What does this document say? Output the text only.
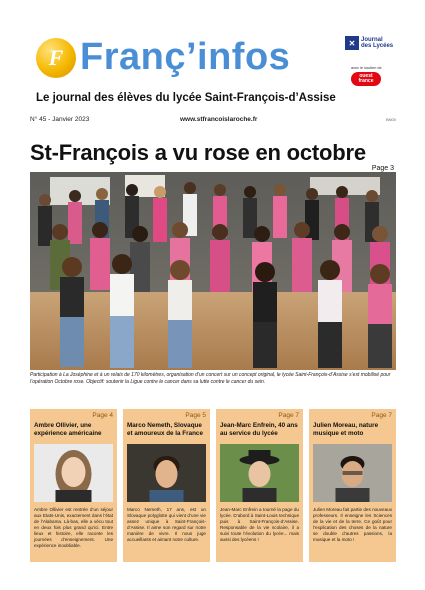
F Franç’infos
Le journal des élèves du lycée Saint-François-d’Assise
✕ Journal
des Lycées
avec le soutien de
ouest
france
N° 45 - Janvier 2023	www.stfrancoislaroche.fr	BN00
St-François a vu rose en octobre
Page 3

Participation à La Joséphine et à un relais de 170 kilomètres, organisation d’un concert sur un concept original, le lycée Saint-François-d’Assise s’est mobilisé pour l’opération Octobre rose. Objectif: soutenir la Ligue contre le cancer dans sa lutte contre le cancer du sein.

Page 4
Ambre Ollivier, une expérience américaine

Ambre Ollivier est rentrée d’un séjour aux Etats-Unis, exactement dans l’état de l’Alabama. Là-bas, elle a vécu tout en deux fois plus grand qu’ici. Entre lieux et histoire, elle raconte les journées d’enseignement. Une expérience inoubliable.

Page 5
Marco Nemeth, Slovaque et amoureux de la France

Marco Nemeth, 17 ans, est un Slovaque polyglotte qui vient d’une vie assez unique à Saint-François-d’Assise. Il aime son regard sur notre manière de vivre. Il nous juge accueillants et aimant notre culture.

Page 7
Jean-Marc Enfrein, 40 ans au service du lycée

Jean-Marc Enfrein a tourné la page du lycée. D’abord à Saint-Louis technique puis à Saint-François-d’Assise. Responsable de la vie scolaire, il a suivi toute l’évolution du lycée... mais aussi des lycéens !

Page 7
Julien Moreau, nature musique et moto

Julien Moreau fait partie des nouveaux professeurs. Il enseigne les Sciences de la vie et de la terre. Ce goût pour l’explication des choses de la nature se double d’autres passions, la musique et la moto !
